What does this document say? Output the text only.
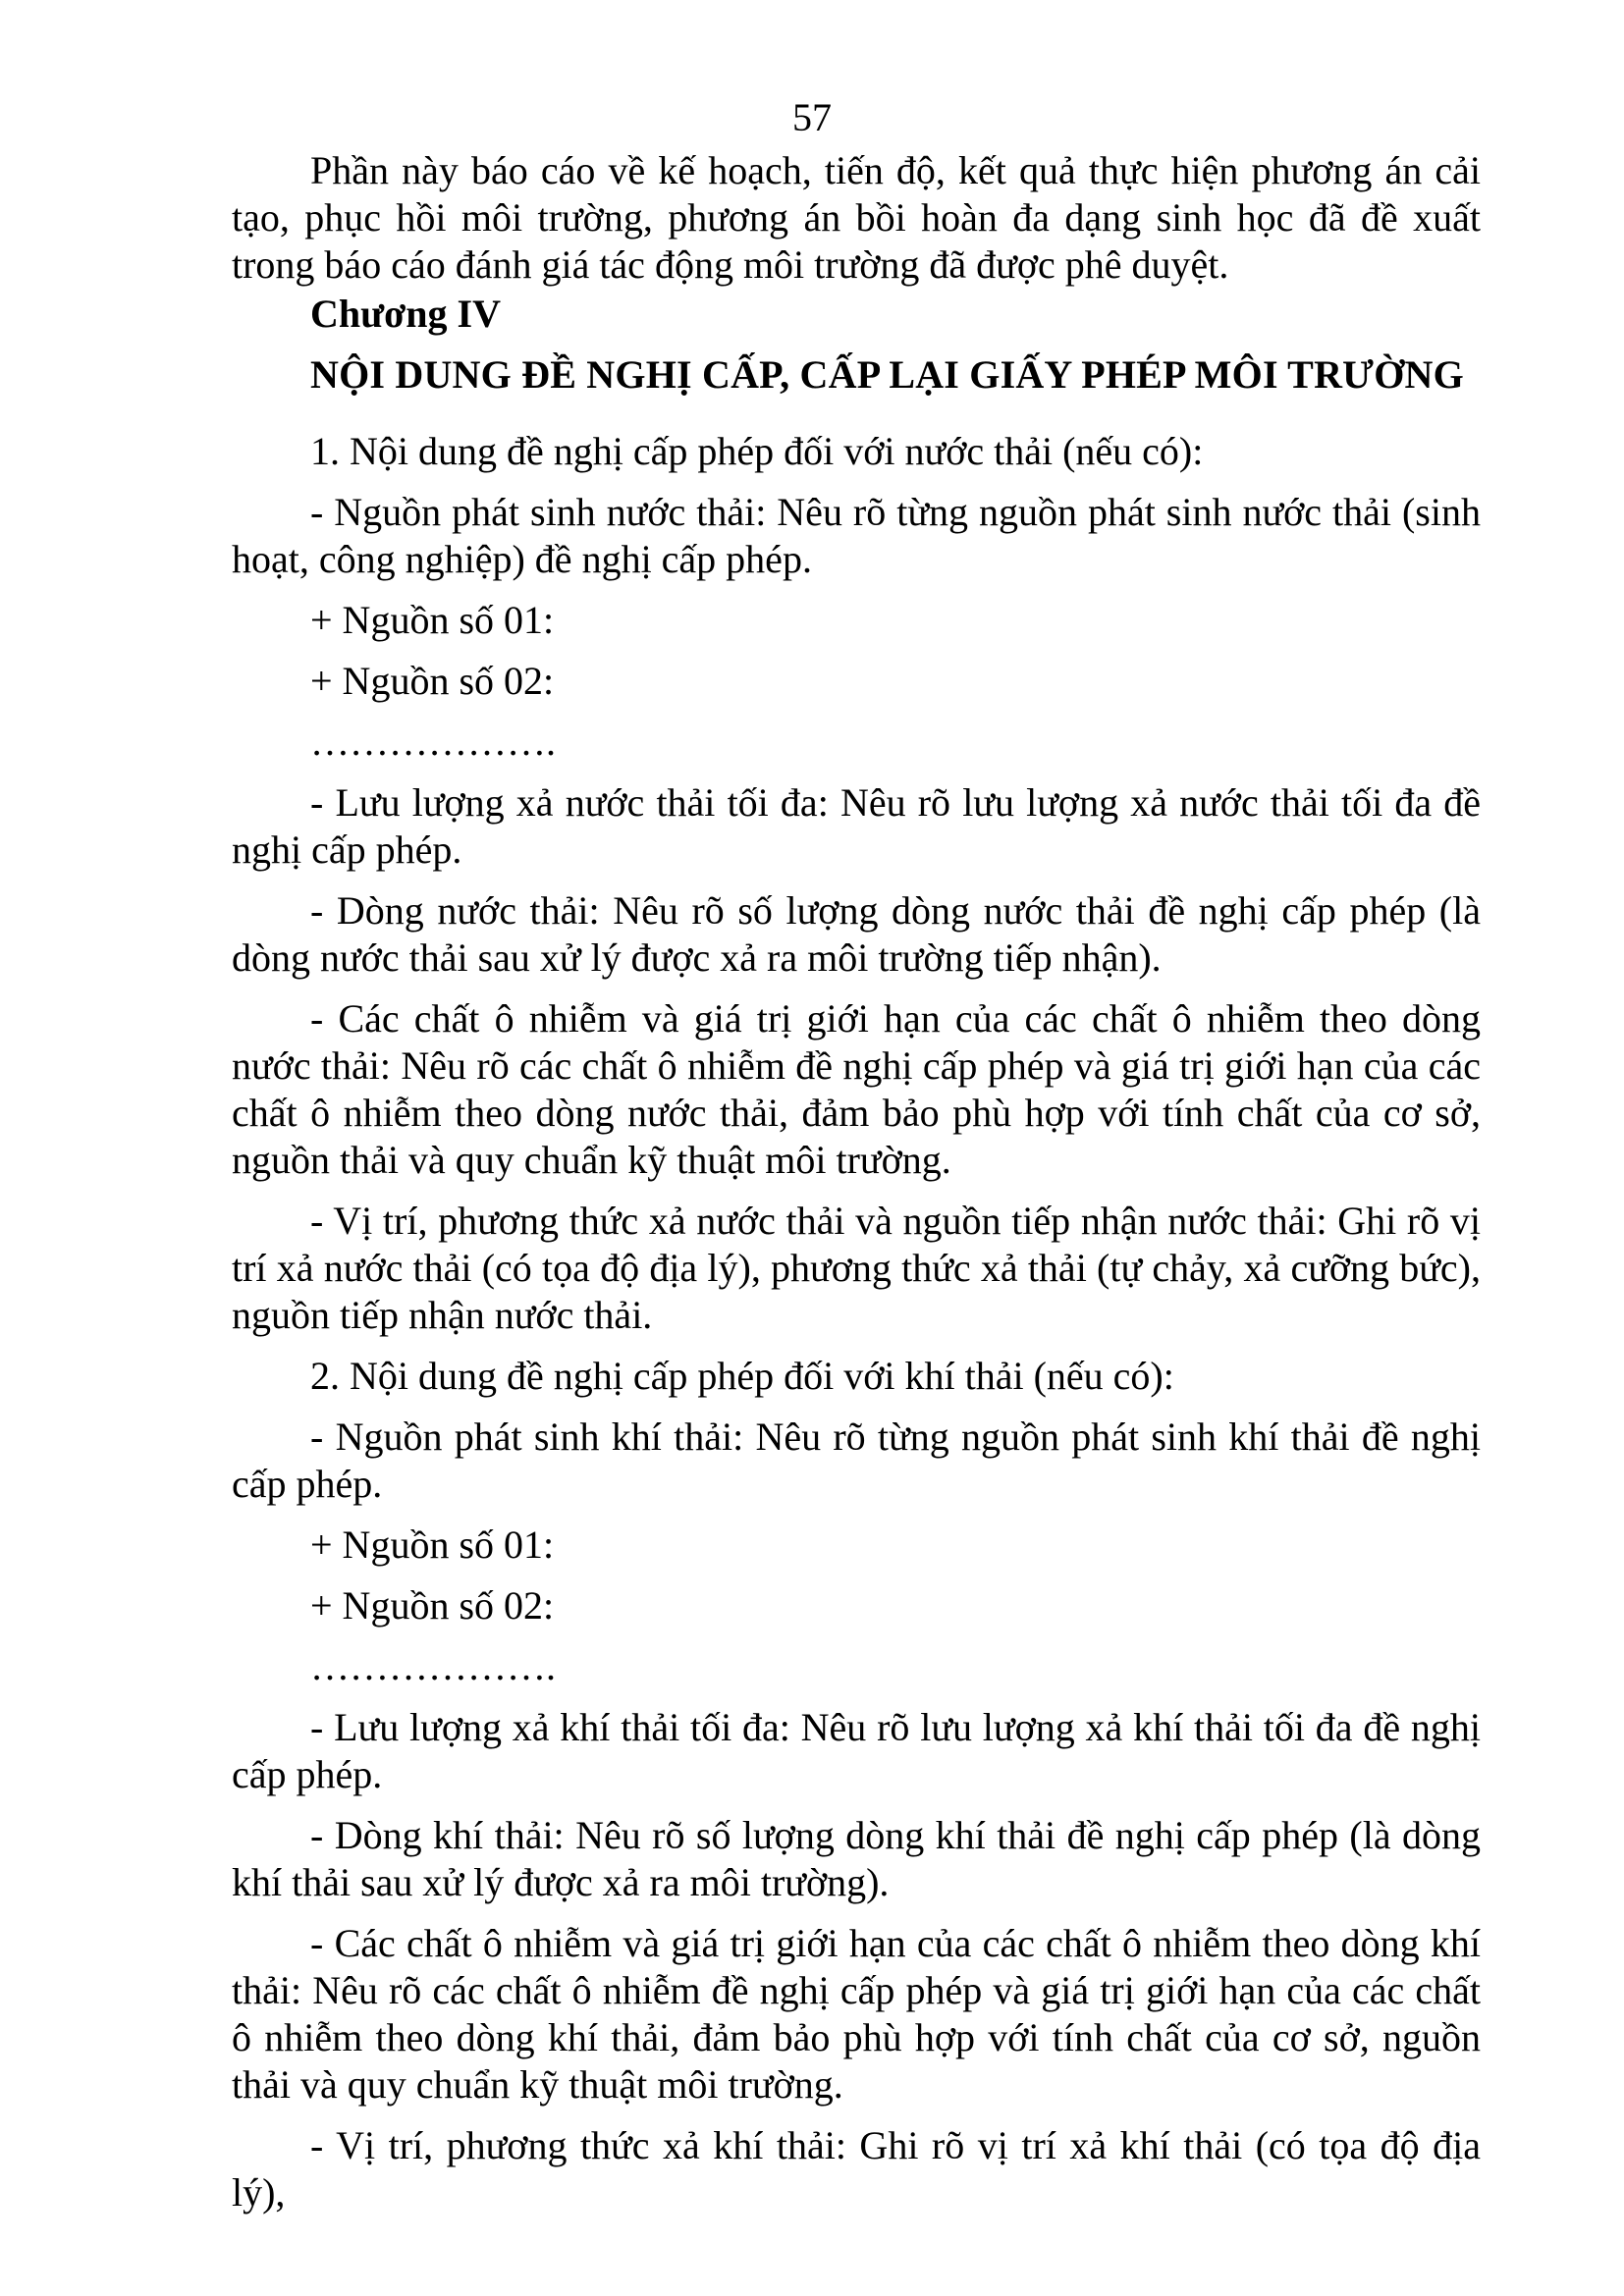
57

Phần này báo cáo về kế hoạch, tiến độ, kết quả thực hiện phương án cải tạo, phục hồi môi trường, phương án bồi hoàn đa dạng sinh học đã đề xuất trong báo cáo đánh giá tác động môi trường đã được phê duyệt.

Chương IV

NỘI DUNG ĐỀ NGHỊ CẤP, CẤP LẠI GIẤY PHÉP MÔI TRƯỜNG

1. Nội dung đề nghị cấp phép đối với nước thải (nếu có):

- Nguồn phát sinh nước thải: Nêu rõ từng nguồn phát sinh nước thải (sinh hoạt, công nghiệp) đề nghị cấp phép.

+ Nguồn số 01:

+ Nguồn số 02:

……………….

- Lưu lượng xả nước thải tối đa: Nêu rõ lưu lượng xả nước thải tối đa đề nghị cấp phép.

- Dòng nước thải: Nêu rõ số lượng dòng nước thải đề nghị cấp phép (là dòng nước thải sau xử lý được xả ra môi trường tiếp nhận).

- Các chất ô nhiễm và giá trị giới hạn của các chất ô nhiễm theo dòng nước thải: Nêu rõ các chất ô nhiễm đề nghị cấp phép và giá trị giới hạn của các chất ô nhiễm theo dòng nước thải, đảm bảo phù hợp với tính chất của cơ sở, nguồn thải và quy chuẩn kỹ thuật môi trường.

- Vị trí, phương thức xả nước thải và nguồn tiếp nhận nước thải: Ghi rõ vị trí xả nước thải (có tọa độ địa lý), phương thức xả thải (tự chảy, xả cưỡng bức), nguồn tiếp nhận nước thải.

2. Nội dung đề nghị cấp phép đối với khí thải (nếu có):

- Nguồn phát sinh khí thải: Nêu rõ từng nguồn phát sinh khí thải đề nghị cấp phép.

+ Nguồn số 01:

+ Nguồn số 02:

……………….

- Lưu lượng xả khí thải tối đa: Nêu rõ lưu lượng xả khí thải tối đa đề nghị cấp phép.

- Dòng khí thải: Nêu rõ số lượng dòng khí thải đề nghị cấp phép (là dòng khí thải sau xử lý được xả ra môi trường).

- Các chất ô nhiễm và giá trị giới hạn của các chất ô nhiễm theo dòng khí thải: Nêu rõ các chất ô nhiễm đề nghị cấp phép và giá trị giới hạn của các chất ô nhiễm theo dòng khí thải, đảm bảo phù hợp với tính chất của cơ sở, nguồn thải và quy chuẩn kỹ thuật môi trường.

- Vị trí, phương thức xả khí thải: Ghi rõ vị trí xả khí thải (có tọa độ địa lý),
